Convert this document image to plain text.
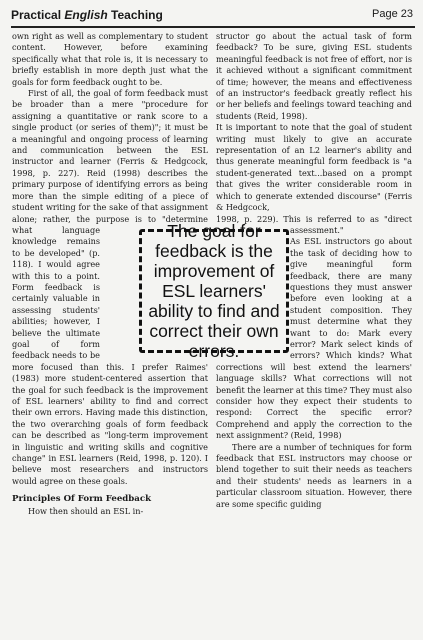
Practical English Teaching	Page 23

own right as well as complementary to student content. However, before examining specifically what that role is, it is necessary to briefly establish in more depth just what the goals for form feedback ought to be.

First of all, the goal of form feedback must be broader than a mere "procedure for assigning a quantitative or rank score to a single product (or series of them)"; it must be a meaningful and ongoing process of learning and communication between the ESL instructor and learner (Ferris & Hedgcock, 1998, p. 227). Reid (1998) describes the primary purpose of identifying errors as being more than the simple editing of a piece of student writing for the sake of that assignment alone; rather, the purpose is to "determine what language knowledge remains to be developed" (p. 118). I would agree with this to a point. Form feedback is certainly valuable in assessing students' abilities; however, I believe the ultimate goal of form feedback needs to be more focused than this. I prefer Raimes' (1983) more student-centered assertion that the goal for such feedback is the improvement of ESL learners' ability to find and correct their own errors. Having made this distinction, the two overarching goals of form feedback can be described as "long-term improvement in linguistic and writing skills and cognitive change" in ESL learners (Reid, 1998, p. 120). I believe most researchers and instructors would agree on these goals.

Principles Of Form Feedback

How then should an ESL in-

structor go about the actual task of form feedback? To be sure, giving ESL students meaningful feedback is not free of effort, nor is it achieved without a significant commitment of time; however, the means and effectiveness of an instructor's feedback greatly reflect his or her beliefs and feelings toward teaching and students (Reid, 1998).

It is important to note that the goal of student writing must likely to give an accurate representation of an L2 learner's ability and thus generate meaningful form feedback is "a student-generated text...based on a prompt that gives the writer considerable room in which to generate extended discourse" (Ferris & Hedgcock,

1998, p. 229). This is referred to as "direct assessment."

As ESL instructors go about the task of deciding how to give meaningful form feedback, there are many questions they must answer before even looking at a student composition. They must determine what they want to do: Mark every error? Mark select kinds of errors? Which kinds? What corrections will best extend the learners' language skills? What corrections will not benefit the learner at this time? They must also consider how they expect their students to respond: Correct the specific error? Comprehend and apply the correction to the next assignment? (Reid, 1998)

There are a number of techniques for form feedback that ESL instructors may choose or blend together to suit their needs as teachers and their students' needs as learners in a particular classroom situation. However, there are some specific guiding

The goal for feedback is the improvement of ESL learners' ability to find and correct their own errors.
